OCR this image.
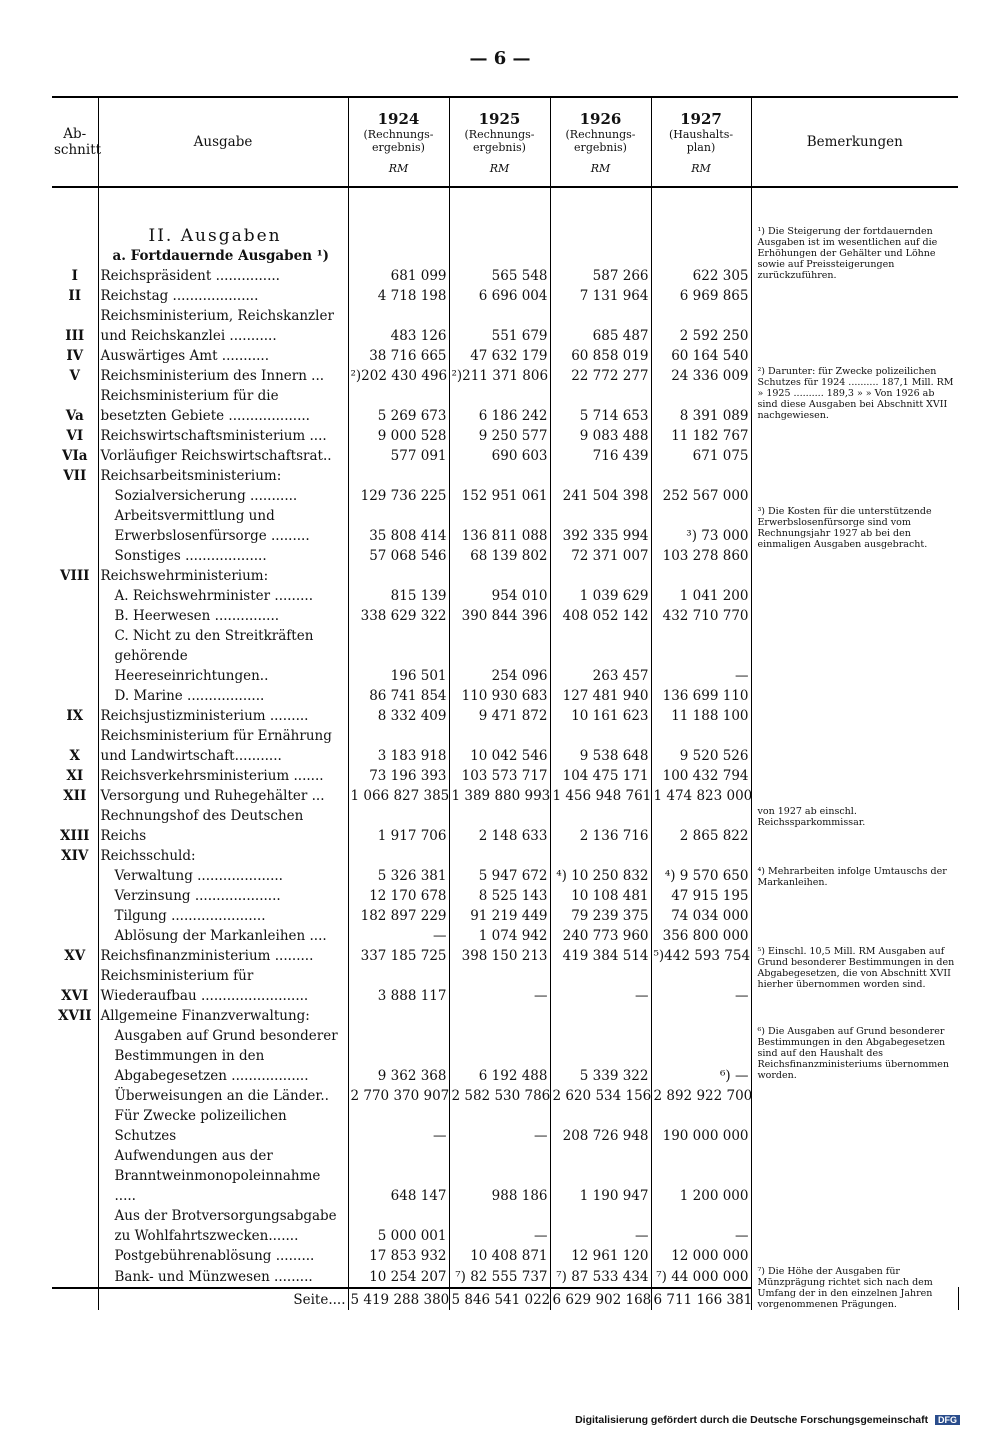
— 6 —
Ab-
schnitt	Ausgabe	1924
(Rechnungs-
ergebnis)
RM	1925
(Rechnungs-
ergebnis)
RM	1926
(Rechnungs-
ergebnis)
RM	1927
(Haushalts-
plan)
RM	Bemerkungen	

	II. Ausgaben					¹) Die Steigerung der fortdauernden Ausgaben ist im wesentlichen auf die Erhöhungen der Gehälter und Löhne sowie auf Preissteigerungen zurückzuführen.	
	a. Fortdauernde Ausgaben ¹)						
I	Reichspräsident ...............	681 099	565 548	587 266	622 305		
II	Reichstag ....................	4 718 198	6 696 004	7 131 964	6 969 865		
III	Reichsministerium, Reichskanzler und Reichskanzlei ...........	483 126	551 679	685 487	2 592 250		
IV	Auswärtiges Amt ...........	38 716 665	47 632 179	60 858 019	60 164 540		
V	Reichsministerium des Innern ...	²)202 430 496	²)211 371 806	22 772 277	24 336 009	²) Darunter: für Zwecke polizeilichen Schutzes für 1924 .......... 187,1 Mill. RM » 1925 .......... 189,3 » » Von 1926 ab sind diese Ausgaben bei Abschnitt XVII nachgewiesen.	
Va	Reichsministerium für die besetzten Gebiete ...................	5 269 673	6 186 242	5 714 653	8 391 089		
VI	Reichswirtschaftsministerium ....	9 000 528	9 250 577	9 083 488	11 182 767		
VIa	Vorläufiger Reichswirtschaftsrat..	577 091	690 603	716 439	671 075		
VII	Reichsarbeitsministerium:						
	Sozialversicherung ...........	129 736 225	152 951 061	241 504 398	252 567 000		
	Arbeitsvermittlung und Erwerbslosenfürsorge .........	35 808 414	136 811 088	392 335 994	³) 73 000	³) Die Kosten für die unterstützende Erwerbslosenfürsorge sind vom Rechnungsjahr 1927 ab bei den einmaligen Ausgaben ausgebracht.	
	Sonstiges ...................	57 068 546	68 139 802	72 371 007	103 278 860		
VIII	Reichswehrministerium:						
	A. Reichswehrminister .........	815 139	954 010	1 039 629	1 041 200		
	B. Heerwesen ...............	338 629 322	390 844 396	408 052 142	432 710 770		
	C. Nicht zu den Streitkräften gehörende Heereseinrichtungen..	196 501	254 096	263 457	—		
	D. Marine ..................	86 741 854	110 930 683	127 481 940	136 699 110		
IX	Reichsjustizministerium .........	8 332 409	9 471 872	10 161 623	11 188 100		
X	Reichsministerium für Ernährung und Landwirtschaft...........	3 183 918	10 042 546	9 538 648	9 520 526		
XI	Reichsverkehrsministerium .......	73 196 393	103 573 717	104 475 171	100 432 794		
XII	Versorgung und Ruhegehälter ...	1 066 827 385	1 389 880 993	1 456 948 761	1 474 823 000		
XIII	Rechnungshof des Deutschen Reichs	1 917 706	2 148 633	2 136 716	2 865 822	von 1927 ab einschl. Reichssparkommissar.	
XIV	Reichsschuld:						
	Verwaltung ....................	5 326 381	5 947 672	⁴) 10 250 832	⁴) 9 570 650	⁴) Mehrarbeiten infolge Umtauschs der Markanleihen.	
	Verzinsung ....................	12 170 678	8 525 143	10 108 481	47 915 195		
	Tilgung ......................	182 897 229	91 219 449	79 239 375	74 034 000		
	Ablösung der Markanleihen ....	—	1 074 942	240 773 960	356 800 000		
XV	Reichsfinanzministerium .........	337 185 725	398 150 213	419 384 514	⁵)442 593 754	⁵) Einschl. 10,5 Mill. RM Ausgaben auf Grund besonderer Bestimmungen in den Abgabegesetzen, die von Abschnitt XVII hierher übernommen worden sind.	
XVI	Reichsministerium für Wiederaufbau .........................	3 888 117	—	—	—		
XVII	Allgemeine Finanzverwaltung:						
	Ausgaben auf Grund besonderer Bestimmungen in den Abgabegesetzen ..................	9 362 368	6 192 488	5 339 322	⁶) —	⁶) Die Ausgaben auf Grund besonderer Bestimmungen in den Abgabegesetzen sind auf den Haushalt des Reichsfinanzministeriums übernommen worden.	
	Überweisungen an die Länder..	2 770 370 907	2 582 530 786	2 620 534 156	2 892 922 700		
	Für Zwecke polizeilichen Schutzes	—	—	208 726 948	190 000 000		
	Aufwendungen aus der Branntweinmonopoleinnahme .....	648 147	988 186	1 190 947	1 200 000		
	Aus der Brotversorgungsabgabe zu Wohlfahrtszwecken.......	5 000 001	—	—	—		
	Postgebührenablösung .........	17 853 932	10 408 871	12 961 120	12 000 000		
	Bank- und Münzwesen .........	10 254 207	⁷) 82 555 737	⁷) 87 533 434	⁷) 44 000 000	⁷) Die Höhe der Ausgaben für Münzprägung richtet sich nach dem Umfang der in den einzelnen Jahren vorgenommenen Prägungen.	
	Seite....	5 419 288 380	5 846 541 022	6 629 902 168	6 711 166 381		
Digitalisierung gefördert durch die Deutsche Forschungsgemeinschaft DFG
